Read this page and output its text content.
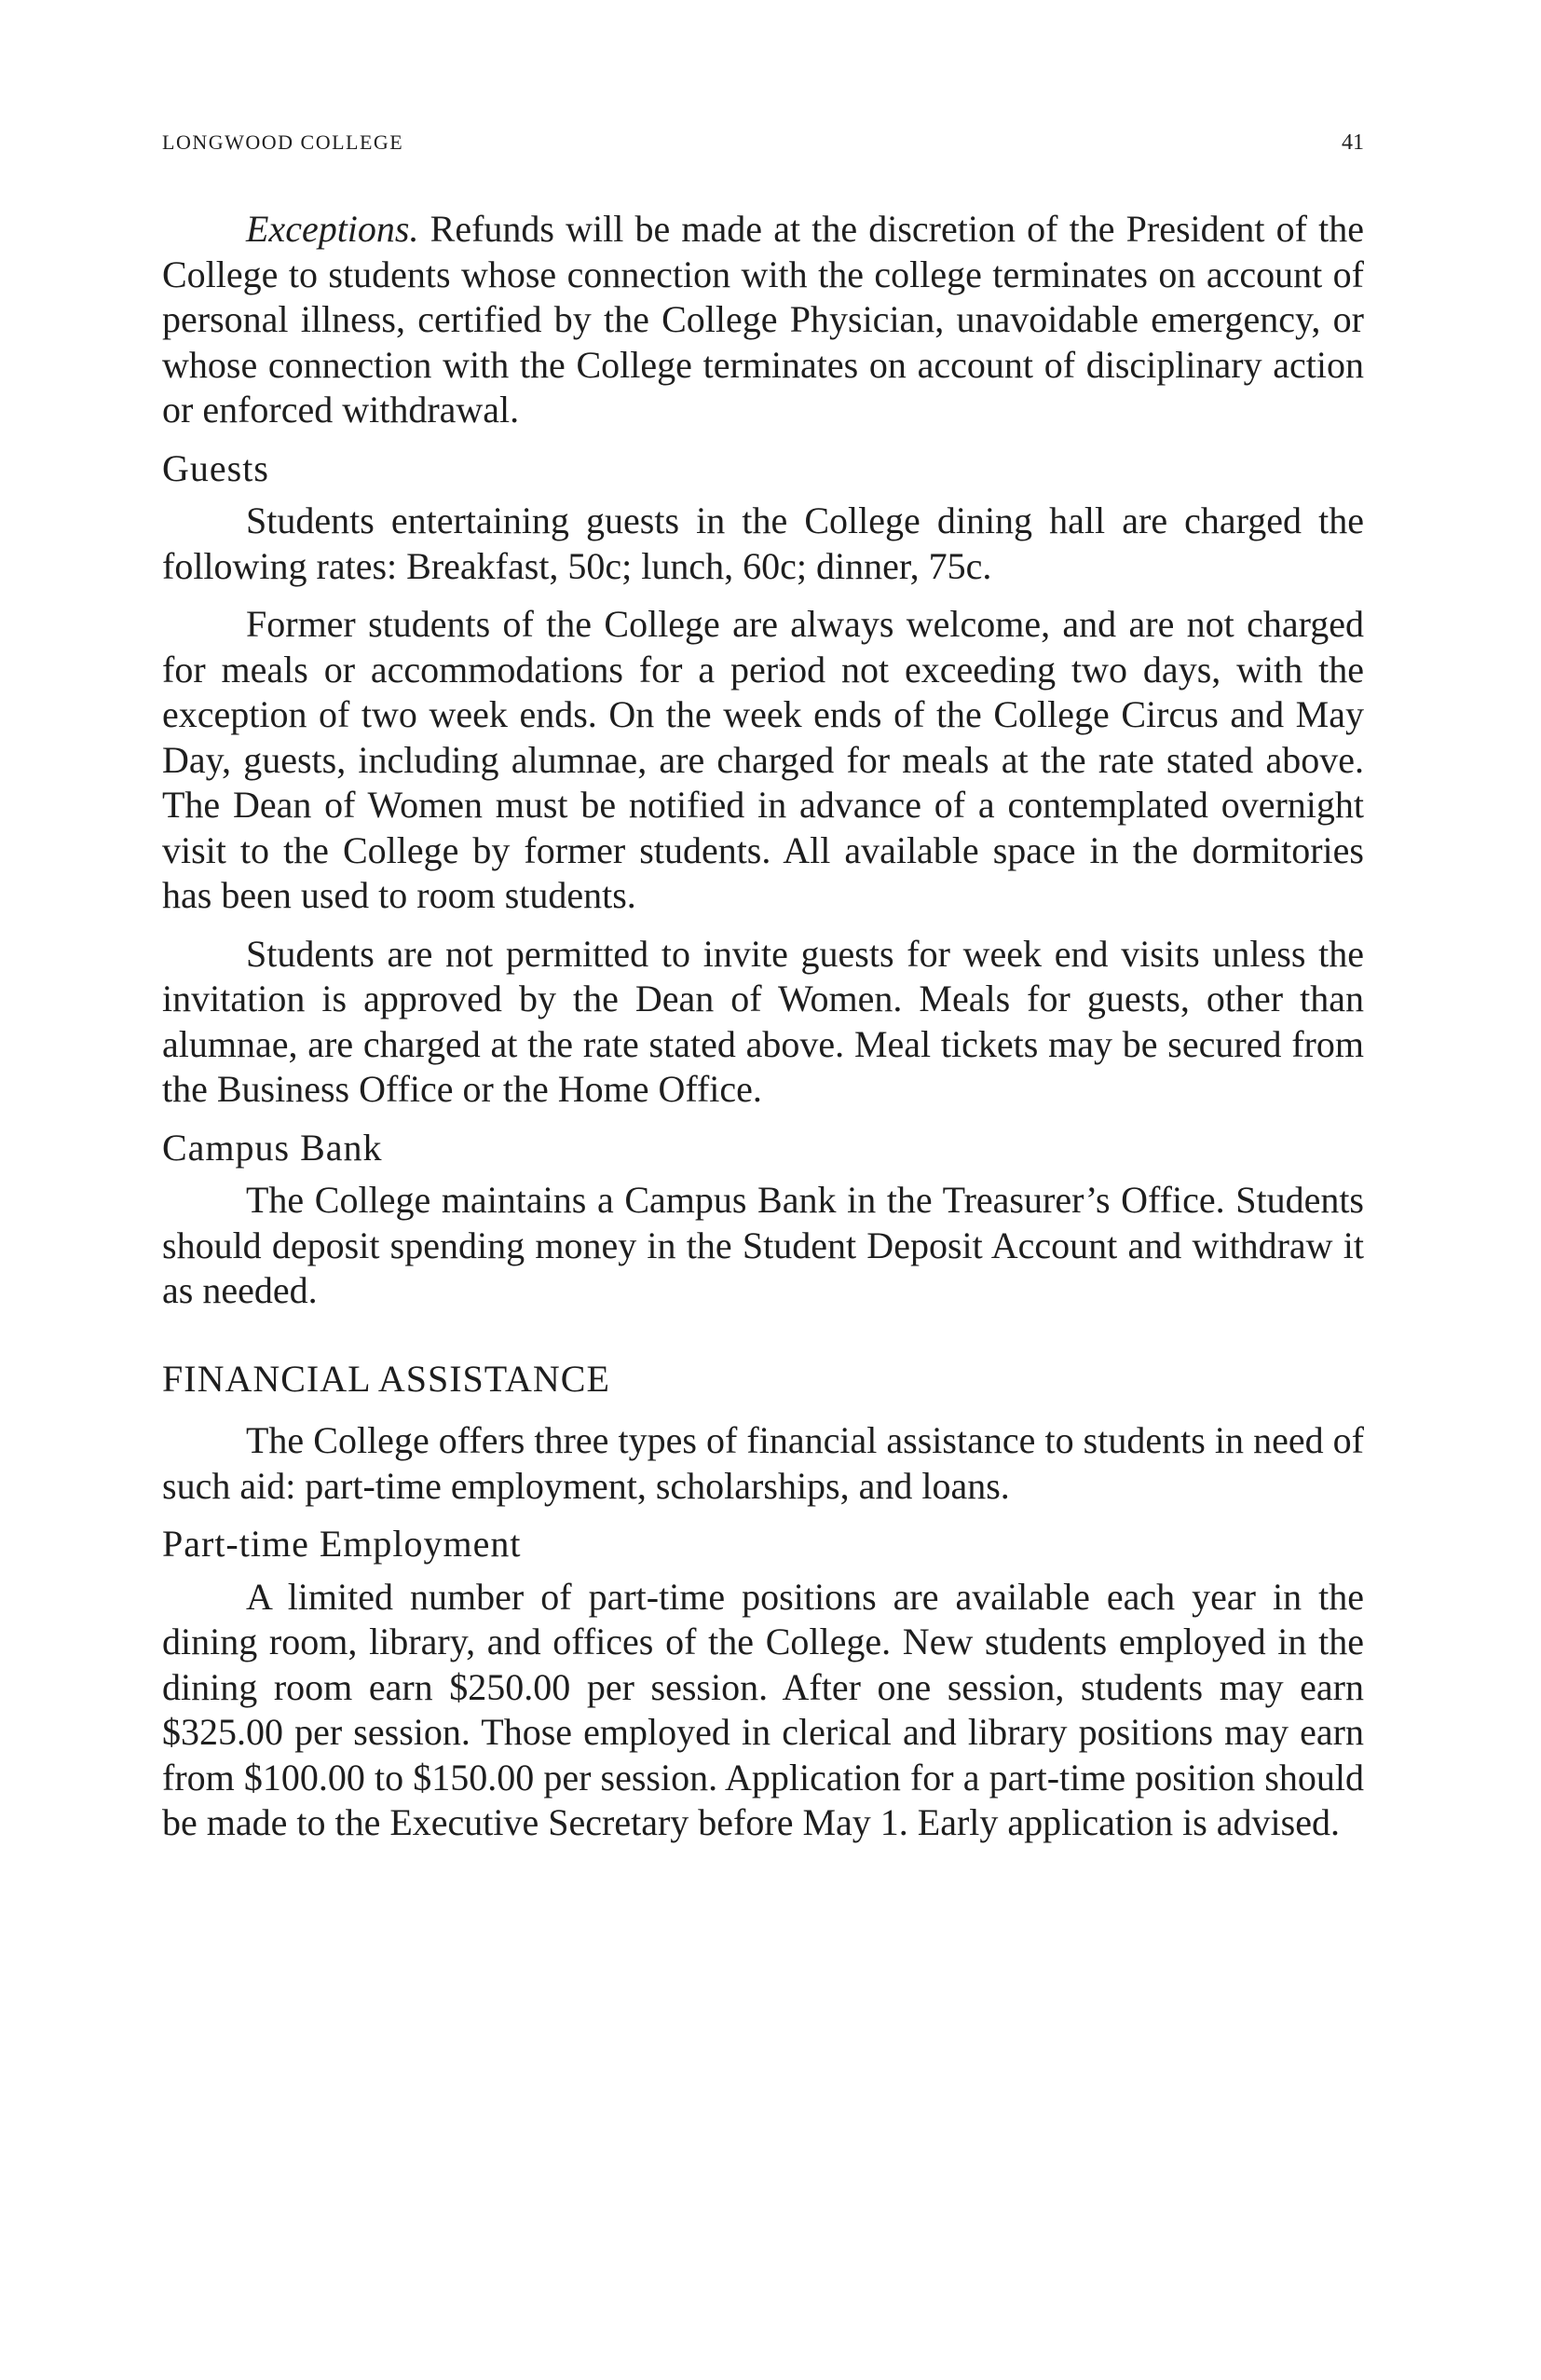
LONGWOOD COLLEGE	41

Exceptions. Refunds will be made at the discretion of the President of the College to students whose connection with the college terminates on account of personal illness, certified by the College Physician, unavoidable emergency, or whose connection with the College terminates on account of disciplinary action or enforced withdrawal.

Guests

Students entertaining guests in the College dining hall are charged the following rates: Breakfast, 50c; lunch, 60c; dinner, 75c.

Former students of the College are always welcome, and are not charged for meals or accommodations for a period not exceeding two days, with the exception of two week ends. On the week ends of the College Circus and May Day, guests, including alumnae, are charged for meals at the rate stated above. The Dean of Women must be notified in advance of a contemplated overnight visit to the College by former students. All available space in the dormitories has been used to room students.

Students are not permitted to invite guests for week end visits unless the invitation is approved by the Dean of Women. Meals for guests, other than alumnae, are charged at the rate stated above. Meal tickets may be secured from the Business Office or the Home Office.

Campus Bank

The College maintains a Campus Bank in the Treasurer’s Office. Students should deposit spending money in the Student Deposit Account and withdraw it as needed.

FINANCIAL ASSISTANCE

The College offers three types of financial assistance to students in need of such aid: part-time employment, scholarships, and loans.

Part-time Employment

A limited number of part-time positions are available each year in the dining room, library, and offices of the College. New students employed in the dining room earn $250.00 per session. After one session, students may earn $325.00 per session. Those employed in clerical and library positions may earn from $100.00 to $150.00 per session. Application for a part-time position should be made to the Executive Secretary before May 1. Early application is advised.
